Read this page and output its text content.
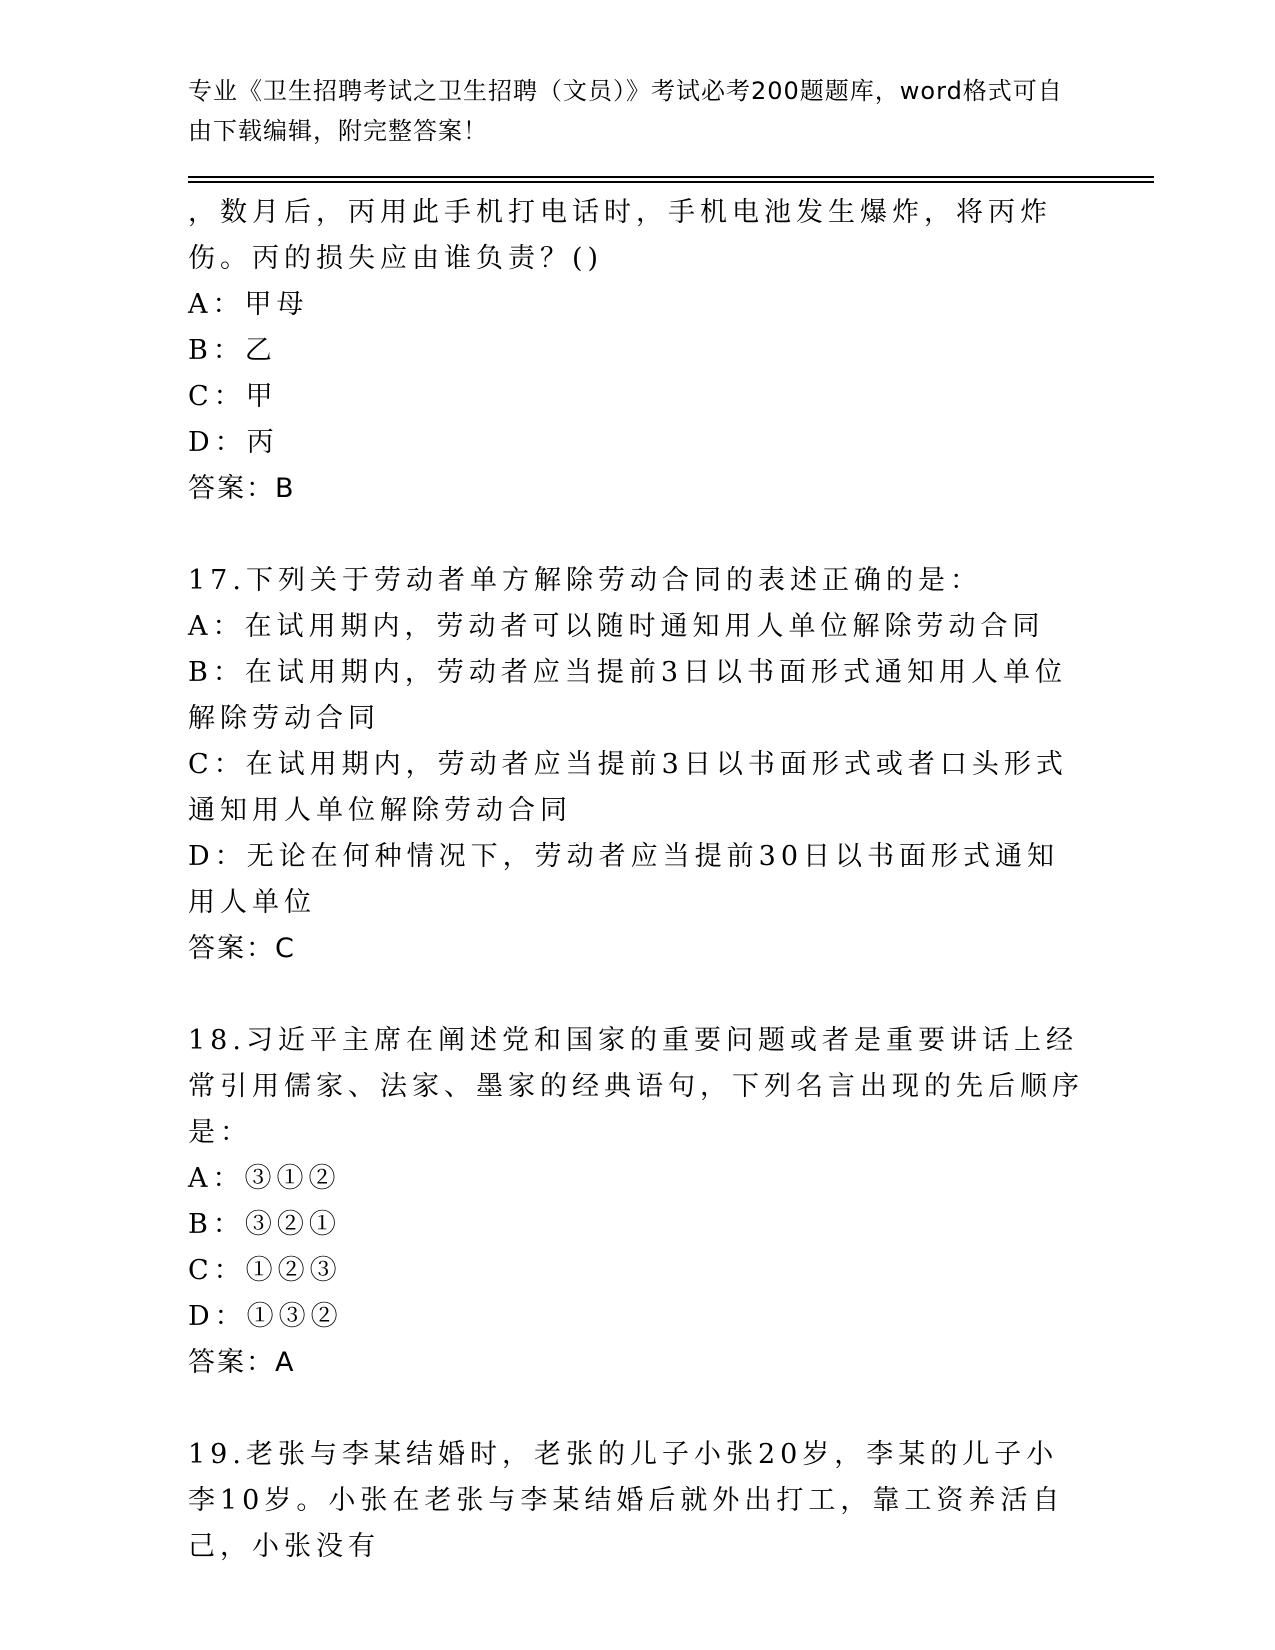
专业《卫生招聘考试之卫生招聘（文员）》考试必考200题题库，word格式可自由下载编辑，附完整答案！

，数月后，丙用此手机打电话时，手机电池发生爆炸，将丙炸伤。丙的损失应由谁负责？()

A：甲母

B：乙

C：甲

D：丙

答案：B

17.下列关于劳动者单方解除劳动合同的表述正确的是：

A：在试用期内，劳动者可以随时通知用人单位解除劳动合同

B：在试用期内，劳动者应当提前3日以书面形式通知用人单位解除劳动合同

C：在试用期内，劳动者应当提前3日以书面形式或者口头形式通知用人单位解除劳动合同

D：无论在何种情况下，劳动者应当提前30日以书面形式通知用人单位

答案：C

18.习近平主席在阐述党和国家的重要问题或者是重要讲话上经常引用儒家、法家、墨家的经典语句，下列名言出现的先后顺序是：

A：③①②

B：③②①

C：①②③

D：①③②

答案：A

19.老张与李某结婚时，老张的儿子小张20岁，李某的儿子小李10岁。小张在老张与李某结婚后就外出打工，靠工资养活自己，小张没有
